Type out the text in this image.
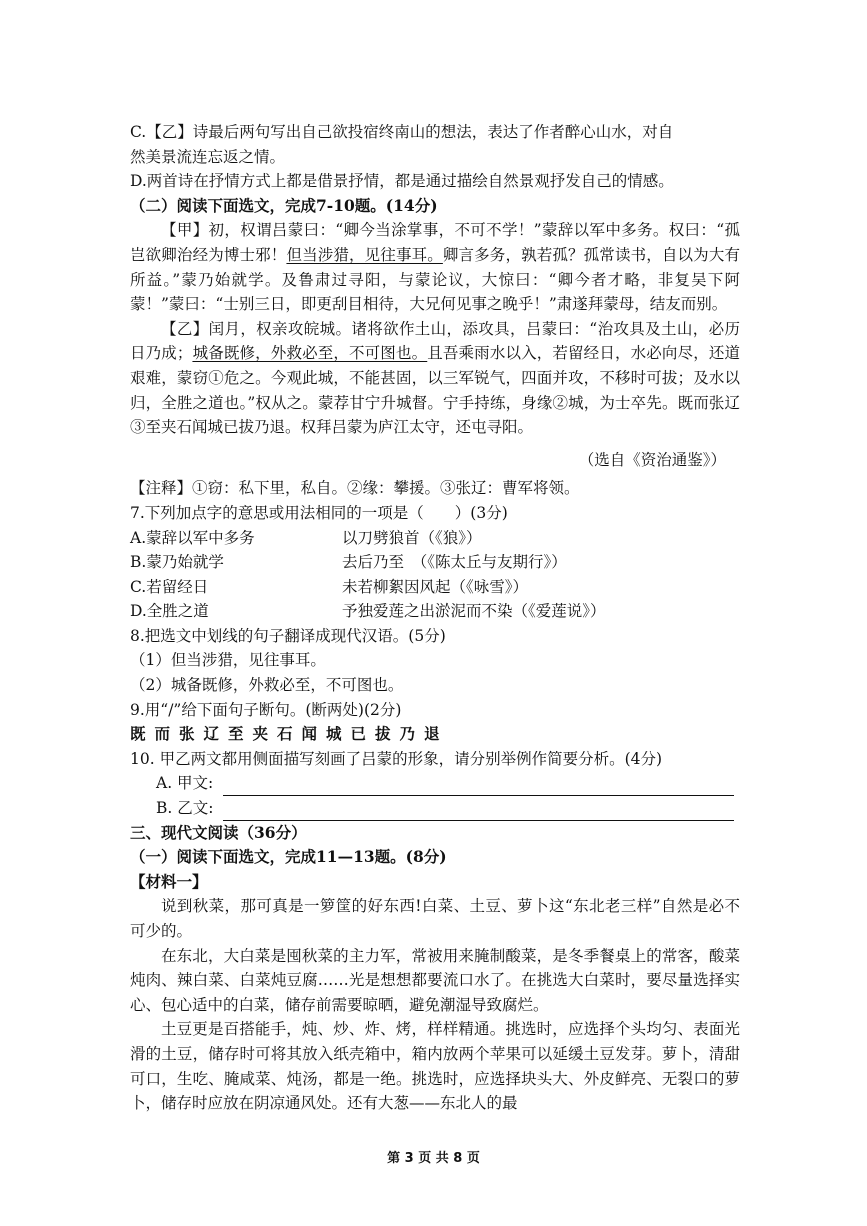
C.【乙】诗最后两句写出自己欲投宿终南山的想法，表达了作者醉心山水，对自
然美景流连忘返之情。
D.两首诗在抒情方式上都是借景抒情，都是通过描绘自然景观抒发自己的情感。
（二）阅读下面选文，完成7-10题。(14分)
【甲】初，权谓吕蒙曰：“卿今当涂掌事，不可不学！”蒙辞以军中多务。权曰：“孤岂欲卿治经为博士邪！但当涉猎，见往事耳。卿言多务，孰若孤？孤常读书，自以为大有所益。”蒙乃始就学。及鲁肃过寻阳，与蒙论议，大惊曰：“卿今者才略，非复吴下阿蒙！”蒙曰：“士别三日，即更刮目相待，大兄何见事之晚乎！”肃遂拜蒙母，结友而别。
【乙】闰月，权亲攻皖城。诸将欲作土山，添攻具，吕蒙曰：“治攻具及土山，必历日乃成；城备既修，外救必至，不可图也。且吾乘雨水以入，若留经日，水必向尽，还道艰难，蒙窃①危之。今观此城，不能甚固，以三军锐气，四面并攻，不移时可拔；及水以归，全胜之道也。”权从之。蒙荐甘宁升城督。宁手持练，身缘②城，为士卒先。既而张辽③至夹石闻城已拔乃退。权拜吕蒙为庐江太守，还屯寻阳。
（选自《资治通鉴》）
【注释】①窃：私下里，私自。②缘：攀援。③张辽：曹军将领。
7.下列加点字的意思或用法相同的一项是（　　）(3分)
A.蒙辞以军中多务	以刀劈狼首（《狼》）
B.蒙乃始就学	去后乃至　（《陈太丘与友期行》）
C.若留经日	未若柳絮因风起（《咏雪》）
D.全胜之道	予独爱莲之出淤泥而不染（《爱莲说》）
8.把选文中划线的句子翻译成现代汉语。(5分)
（1）但当涉猎，见往事耳。
（2）城备既修，外救必至，不可图也。
9.用“/”给下面句子断句。(断两处)(2分)
既而张辽至夹石闻城已拔乃退
10. 甲乙两文都用侧面描写刻画了吕蒙的形象，请分别举例作简要分析。(4分)
A. 甲文:
B. 乙文:
三、现代文阅读（36分）
（一）阅读下面选文，完成11—13题。(8分)
【材料一】
说到秋菜，那可真是一箩筐的好东西!白菜、土豆、萝卜这“东北老三样”自然是必不可少的。
在东北，大白菜是囤秋菜的主力军，常被用来腌制酸菜，是冬季餐桌上的常客，酸菜炖肉、辣白菜、白菜炖豆腐……光是想想都要流口水了。在挑选大白菜时，要尽量选择实心、包心适中的白菜，储存前需要晾晒，避免潮湿导致腐烂。
土豆更是百搭能手，炖、炒、炸、烤，样样精通。挑选时，应选择个头均匀、表面光滑的土豆，储存时可将其放入纸壳箱中，箱内放两个苹果可以延缓土豆发芽。萝卜，清甜可口，生吃、腌咸菜、炖汤，都是一绝。挑选时，应选择块头大、外皮鲜亮、无裂口的萝卜，储存时应放在阴凉通风处。还有大葱——东北人的最
第 3 页 共 8 页
